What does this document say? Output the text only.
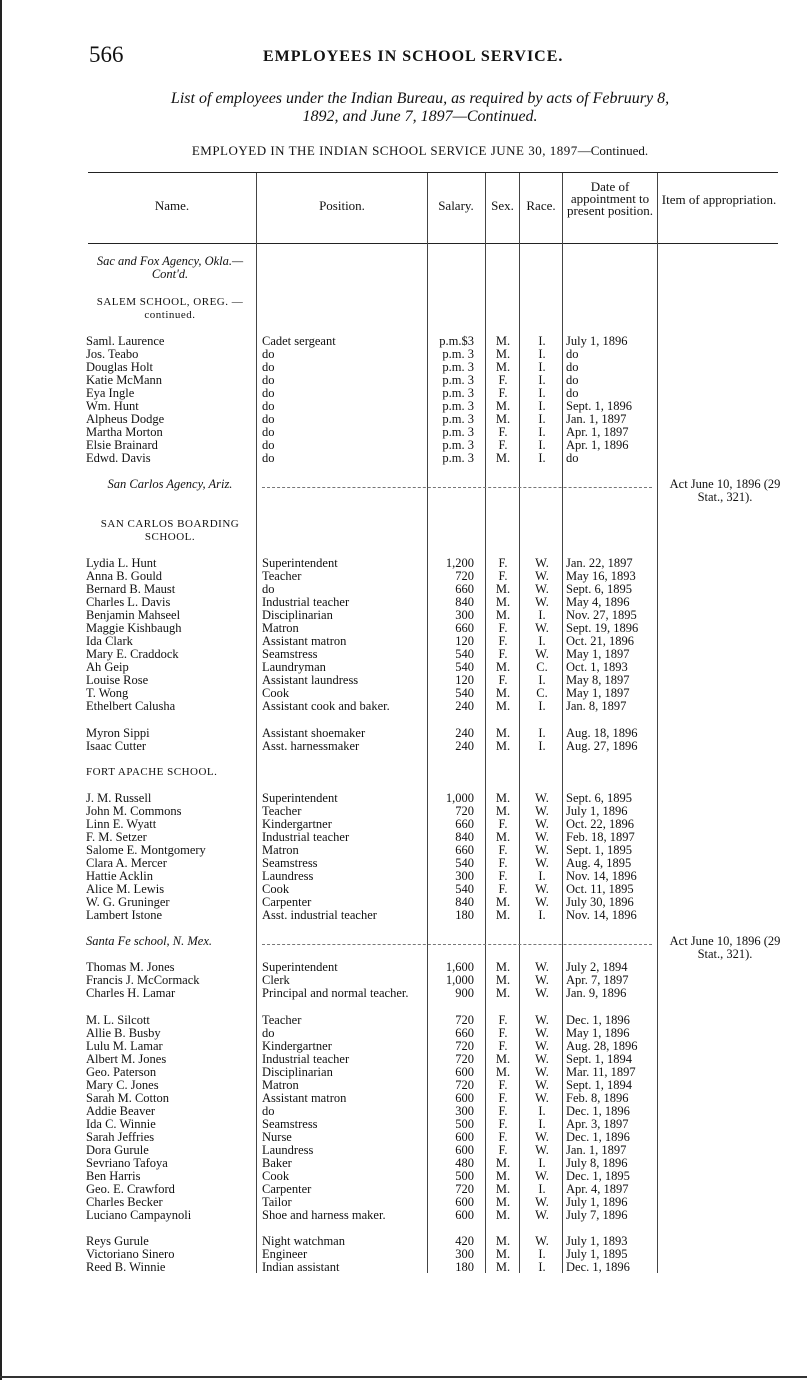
566	EMPLOYEES IN SCHOOL SERVICE.
List of employees under the Indian Bureau, as required by acts of Februury 8,
1892, and June 7, 1897—Continued.
EMPLOYED IN THE INDIAN SCHOOL SERVICE JUNE 30, 1897—Continued.
Name.	Position.	Salary.	Sex. Race.
Date of appointment to present position.
Item of appropriation.
Sac and Fox Agency, Okla.—Cont'd.
SALEM SCHOOL, OREG. —continued.
Saml. Laurence	Cadet sergeant	p.m.$3	M.	I.	July 1, 1896
Jos. Teabo	do	p.m. 3	M.	I.	do
Douglas Holt	do	p.m. 3	M.	I.	do
Katie McMann	do	p.m. 3	F.	I.	do
Eya Ingle	do	p.m. 3	F.	I.	do
Wm. Hunt	do	p.m. 3	M.	I.	Sept. 1, 1896
Alpheus Dodge	do	p.m. 3	M.	I.	Jan. 1, 1897
Martha Morton	do	p.m. 3	F.	I.	Apr. 1, 1897
Elsie Brainard	do	p.m. 3	F.	I.	Apr. 1, 1896
Edwd. Davis	do	p.m. 3	M.	I.	do
San Carlos Agency, Ariz.	Act June 10, 1896 (29 Stat., 321).
SAN CARLOS BOARDING SCHOOL.
Lydia L. Hunt	Superintendent	1,200	F.	W.	Jan. 22, 1897
Anna B. Gould	Teacher	720	F.	W.	May 16, 1893
Bernard B. Maust	do	660	M.	W.	Sept. 6, 1895
Charles L. Davis	Industrial teacher	840	M.	W.	May 4, 1896
Benjamin Mahseel	Disciplinarian	300	M.	I.	Nov. 27, 1895
Maggie Kishbaugh	Matron	660	F.	W.	Sept. 19, 1896
Ida Clark	Assistant matron	120	F.	I.	Oct. 21, 1896
Mary E. Craddock	Seamstress	540	F.	W.	May 1, 1897
Ah Geip	Laundryman	540	M.	C.	Oct. 1, 1893
Louise Rose	Assistant laundress	120	F.	I.	May 8, 1897
T. Wong	Cook	540	M.	C.	May 1, 1897
Ethelbert Calusha	Assistant cook and baker.	240	M.	I.	Jan. 8, 1897
Myron Sippi	Assistant shoemaker	240	M.	I.	Aug. 18, 1896
Isaac Cutter	Asst. harnessmaker	240	M.	I.	Aug. 27, 1896
FORT APACHE SCHOOL.
J. M. Russell	Superintendent	1,000	M.	W.	Sept. 6, 1895
John M. Commons	Teacher	720	M.	W.	July 1, 1896
Linn E. Wyatt	Kindergartner	660	F.	W.	Oct. 22, 1896
F. M. Setzer	Industrial teacher	840	M.	W.	Feb. 18, 1897
Salome E. Montgomery	Matron	660	F.	W.	Sept. 1, 1895
Clara A. Mercer	Seamstress	540	F.	W.	Aug. 4, 1895
Hattie Acklin	Laundress	300	F.	I.	Nov. 14, 1896
Alice M. Lewis	Cook	540	F.	W.	Oct. 11, 1895
W. G. Gruninger	Carpenter	840	M.	W.	July 30, 1896
Lambert Istone	Asst. industrial teacher	180	M.	I.	Nov. 14, 1896
Santa Fe school, N. Mex.	Act June 10, 1896 (29 Stat., 321).
Thomas M. Jones	Superintendent	1,600	M.	W.	July 2, 1894
Francis J. McCormack	Clerk	1,000	M.	W.	Apr. 7, 1897
Charles H. Lamar	Principal and normal teacher.	900	M.	W.	Jan. 9, 1896
M. L. Silcott	Teacher	720	F.	W.	Dec. 1, 1896
Allie B. Busby	do	660	F.	W.	May 1, 1896
Lulu M. Lamar	Kindergartner	720	F.	W.	Aug. 28, 1896
Albert M. Jones	Industrial teacher	720	M.	W.	Sept. 1, 1894
Geo. Paterson	Disciplinarian	600	M.	W.	Mar. 11, 1897
Mary C. Jones	Matron	720	F.	W.	Sept. 1, 1894
Sarah M. Cotton	Assistant matron	600	F.	W.	Feb. 8, 1896
Addie Beaver	do	300	F.	I.	Dec. 1, 1896
Ida C. Winnie	Seamstress	500	F.	I.	Apr. 3, 1897
Sarah Jeffries	Nurse	600	F.	W.	Dec. 1, 1896
Dora Gurule	Laundress	600	F.	W.	Jan. 1, 1897
Sevriano Tafoya	Baker	480	M.	I.	July 8, 1896
Ben Harris	Cook	500	M.	W.	Dec. 1, 1895
Geo. E. Crawford	Carpenter	720	M.	I.	Apr. 4, 1897
Charles Becker	Tailor	600	M.	W.	July 1, 1896
Luciano Campaynoli	Shoe and harness maker.	600	M.	W.	July 7, 1896
Reys Gurule	Night watchman	420	M.	W.	July 1, 1893
Victoriano Sinero	Engineer	300	M.	I.	July 1, 1895
Reed B. Winnie	Indian assistant	180	M.	I.	Dec. 1, 1896
